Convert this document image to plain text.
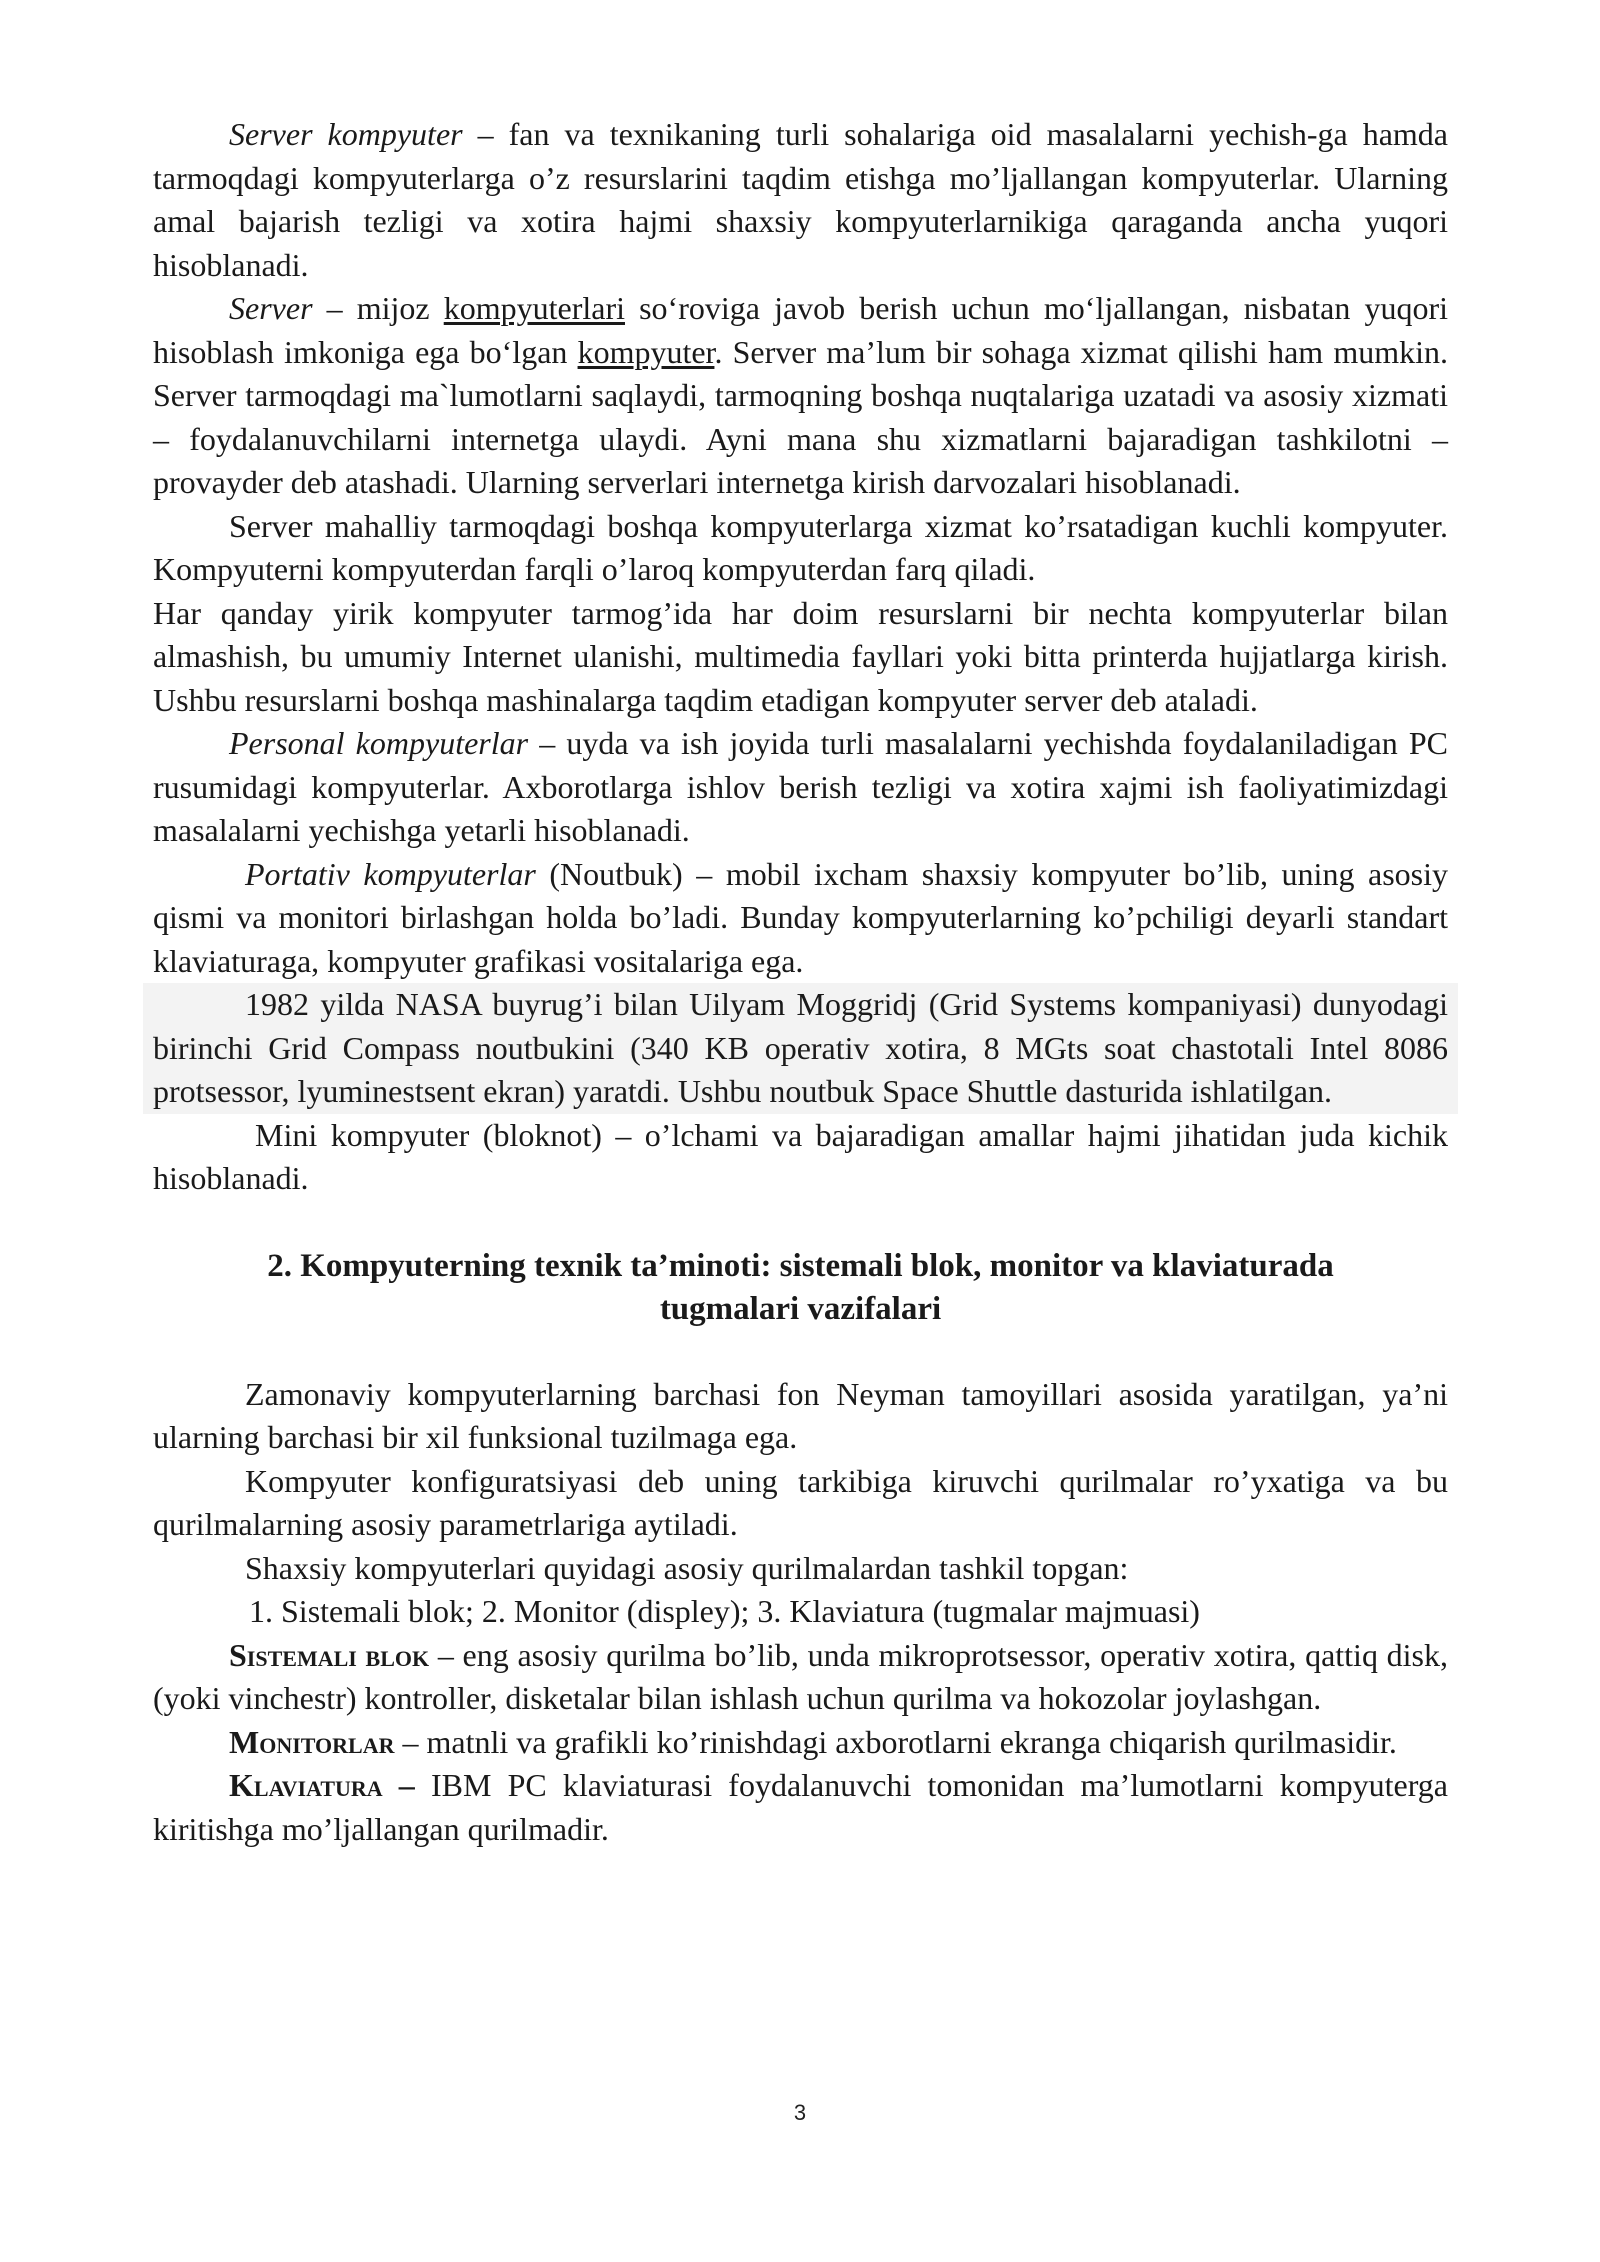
Server kompyuter – fan va texnikaning turli sohalariga oid masalalarni yechish-ga hamda tarmoqdagi kompyuterlarga o’z resurslarini taqdim etishga mo’ljallangan kompyuterlar. Ularning amal bajarish tezligi va xotira hajmi shaxsiy kompyuterlarnikiga qaraganda ancha yuqori hisoblanadi.

Server – mijoz kompyuterlari so‘roviga javob berish uchun mo‘ljallangan, nisbatan yuqori hisoblash imkoniga ega bo‘lgan kompyuter. Server ma’lum bir sohaga xizmat qilishi ham mumkin. Server tarmoqdagi ma`lumotlarni saqlaydi, tarmoqning boshqa nuqtalariga uzatadi va asosiy xizmati – foydalanuvchilarni internetga ulaydi. Ayni mana shu xizmatlarni bajaradigan tashkilotni – provayder deb atashadi. Ularning serverlari internetga kirish darvozalari hisoblanadi.

Server mahalliy tarmoqdagi boshqa kompyuterlarga xizmat ko’rsatadigan kuchli kompyuter. Kompyuterni kompyuterdan farqli o’laroq kompyuterdan farq qiladi.

Har qanday yirik kompyuter tarmog’ida har doim resurslarni bir nechta kompyuterlar bilan almashish, bu umumiy Internet ulanishi, multimedia fayllari yoki bitta printerda hujjatlarga kirish. Ushbu resurslarni boshqa mashinalarga taqdim etadigan kompyuter server deb ataladi.

Personal kompyuterlar – uyda va ish joyida turli masalalarni yechishda foydalaniladigan PC rusumidagi kompyuterlar. Axborotlarga ishlov berish tezligi va xotira xajmi ish faoliyatimizdagi masalalarni yechishga yetarli hisoblanadi.

Portativ kompyuterlar (Noutbuk) – mobil ixcham shaxsiy kompyuter bo’lib, uning asosiy qismi va monitori birlashgan holda bo’ladi. Bunday kompyuterlarning ko’pchiligi deyarli standart klaviaturaga, kompyuter grafikasi vositalariga ega.

1982 yilda NASA buyrug’i bilan Uilyam Moggridj (Grid Systems kompaniyasi) dunyodagi birinchi Grid Compass noutbukini (340 KB operativ xotira, 8 MGts soat chastotali Intel 8086 protsessor, lyuminestsent ekran) yaratdi. Ushbu noutbuk Space Shuttle dasturida ishlatilgan.

Mini kompyuter (bloknot) – o’lchami va bajaradigan amallar hajmi jihatidan juda kichik hisoblanadi.

2. Kompyuterning texnik ta’minoti: sistemali blok, monitor va klaviaturada
tugmalari vazifalari

Zamonaviy kompyuterlarning barchasi fon Neyman tamoyillari asosida yaratilgan, ya’ni ularning barchasi bir xil funksional tuzilmaga ega.

Kompyuter konfiguratsiyasi deb uning tarkibiga kiruvchi qurilmalar ro’yxatiga va bu qurilmalarning asosiy parametrlariga aytiladi.

Shaxsiy kompyuterlari quyidagi asosiy qurilmalardan tashkil topgan:

1. Sistemali blok; 2. Monitor (displey); 3. Klaviatura (tugmalar majmuasi)

Sistemali blok – eng asosiy qurilma bo’lib, unda mikroprotsessor, operativ xotira, qattiq disk, (yoki vinchestr) kontroller, disketalar bilan ishlash uchun qurilma va hokozolar joylashgan.

Monitorlar – matnli va grafikli ko’rinishdagi axborotlarni ekranga chiqarish qurilmasidir.

Klaviatura – IBM PC klaviaturasi foydalanuvchi tomonidan ma’lumotlarni kompyuterga kiritishga mo’ljallangan qurilmadir.

3
